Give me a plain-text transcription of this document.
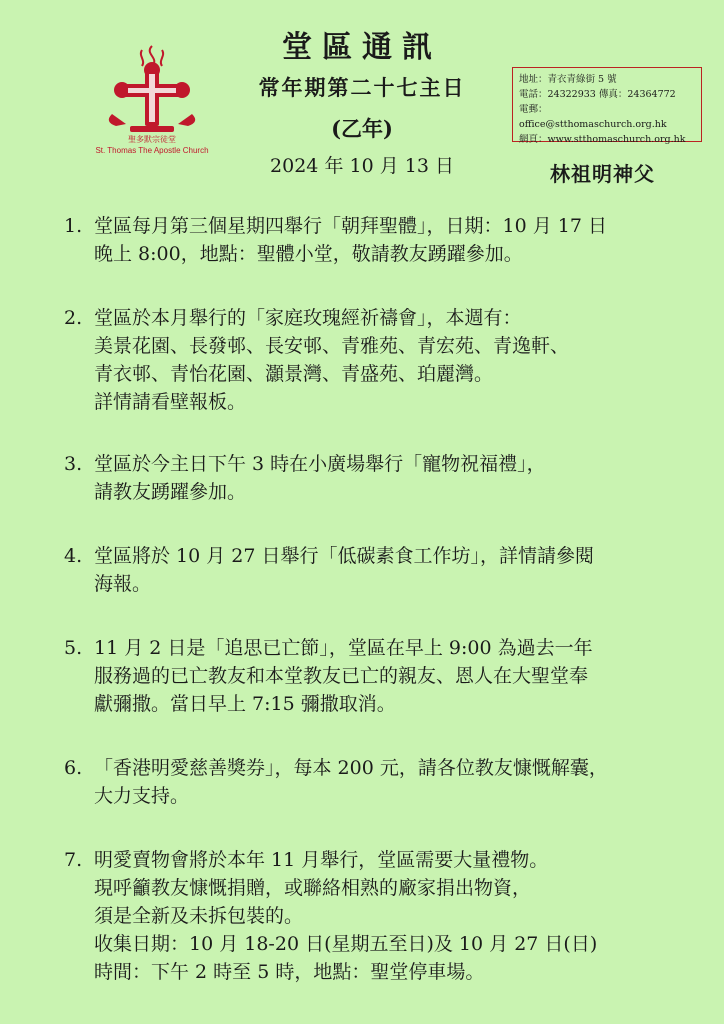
聖多默宗徒堂
St. Thomas The Apostle Church
堂區通訊
常年期第二十七主日
(乙年)
2024 年 10 月 13 日
地址：青衣青綠街 5 號
電話：24322933 傳真：24364772
電郵：office@stthomaschurch.org.hk
網頁：www.stthomaschurch.org.hk
林祖明神父
1. 堂區每月第三個星期四舉行「朝拜聖體」，日期：10 月 17 日
晚上 8:00，地點：聖體小堂，敬請教友踴躍參加。
2. 堂區於本月舉行的「家庭玫瑰經祈禱會」，本週有：
美景花園、長發邨、長安邨、青雅苑、青宏苑、青逸軒、
青衣邨、青怡花園、灝景灣、青盛苑、珀麗灣。
詳情請看壁報板。
3. 堂區於今主日下午 3 時在小廣場舉行「寵物祝福禮」，
請教友踴躍參加。
4. 堂區將於 10 月 27 日舉行「低碳素食工作坊」，詳情請參閱
海報。
5. 11 月 2 日是「追思已亡節」，堂區在早上 9:00 為過去一年
服務過的已亡教友和本堂教友已亡的親友、恩人在大聖堂奉
獻彌撒。當日早上 7:15 彌撒取消。
6. 「香港明愛慈善獎券」，每本 200 元，請各位教友慷慨解囊，
大力支持。
7. 明愛賣物會將於本年 11 月舉行，堂區需要大量禮物。
現呼籲教友慷慨捐贈，或聯絡相熟的廠家捐出物資，
須是全新及未拆包裝的。
收集日期：10 月 18-20 日(星期五至日)及 10 月 27 日(日)
時間：下午 2 時至 5 時，地點：聖堂停車場。
